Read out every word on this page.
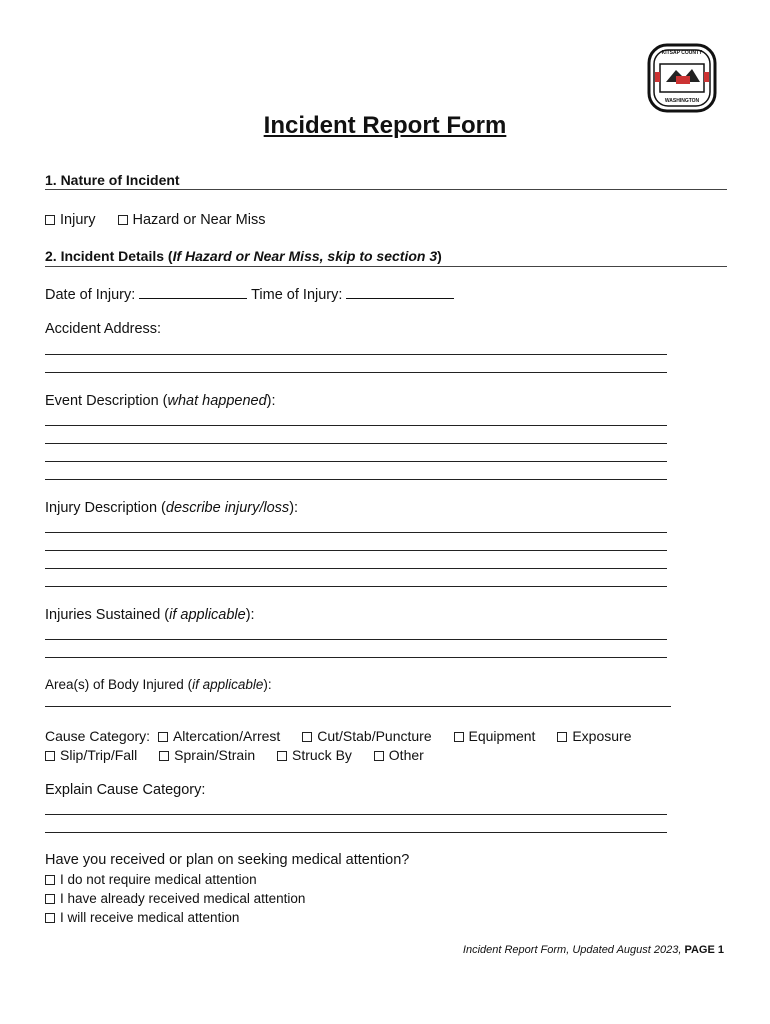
KITSAP COUNTY
WASHINGTON
Incident Report Form
1. Nature of Incident
Injury	Hazard or Near Miss
2. Incident Details (If Hazard or Near Miss, skip to section 3)
Date of Injury:	Time of Injury:
Accident Address:
Event Description (what happened):
Injury Description (describe injury/loss):
Injuries Sustained (if applicable):
Area(s) of Body Injured (if applicable):
Cause Category: Altercation/Arrest	Cut/Stab/Puncture	Equipment	Exposure
Slip/Trip/Fall	Sprain/Strain	Struck By	Other
Explain Cause Category:
Have you received or plan on seeking medical attention?
I do not require medical attention
I have already received medical attention
I will receive medical attention
Incident Report Form, Updated August 2023, PAGE 1
